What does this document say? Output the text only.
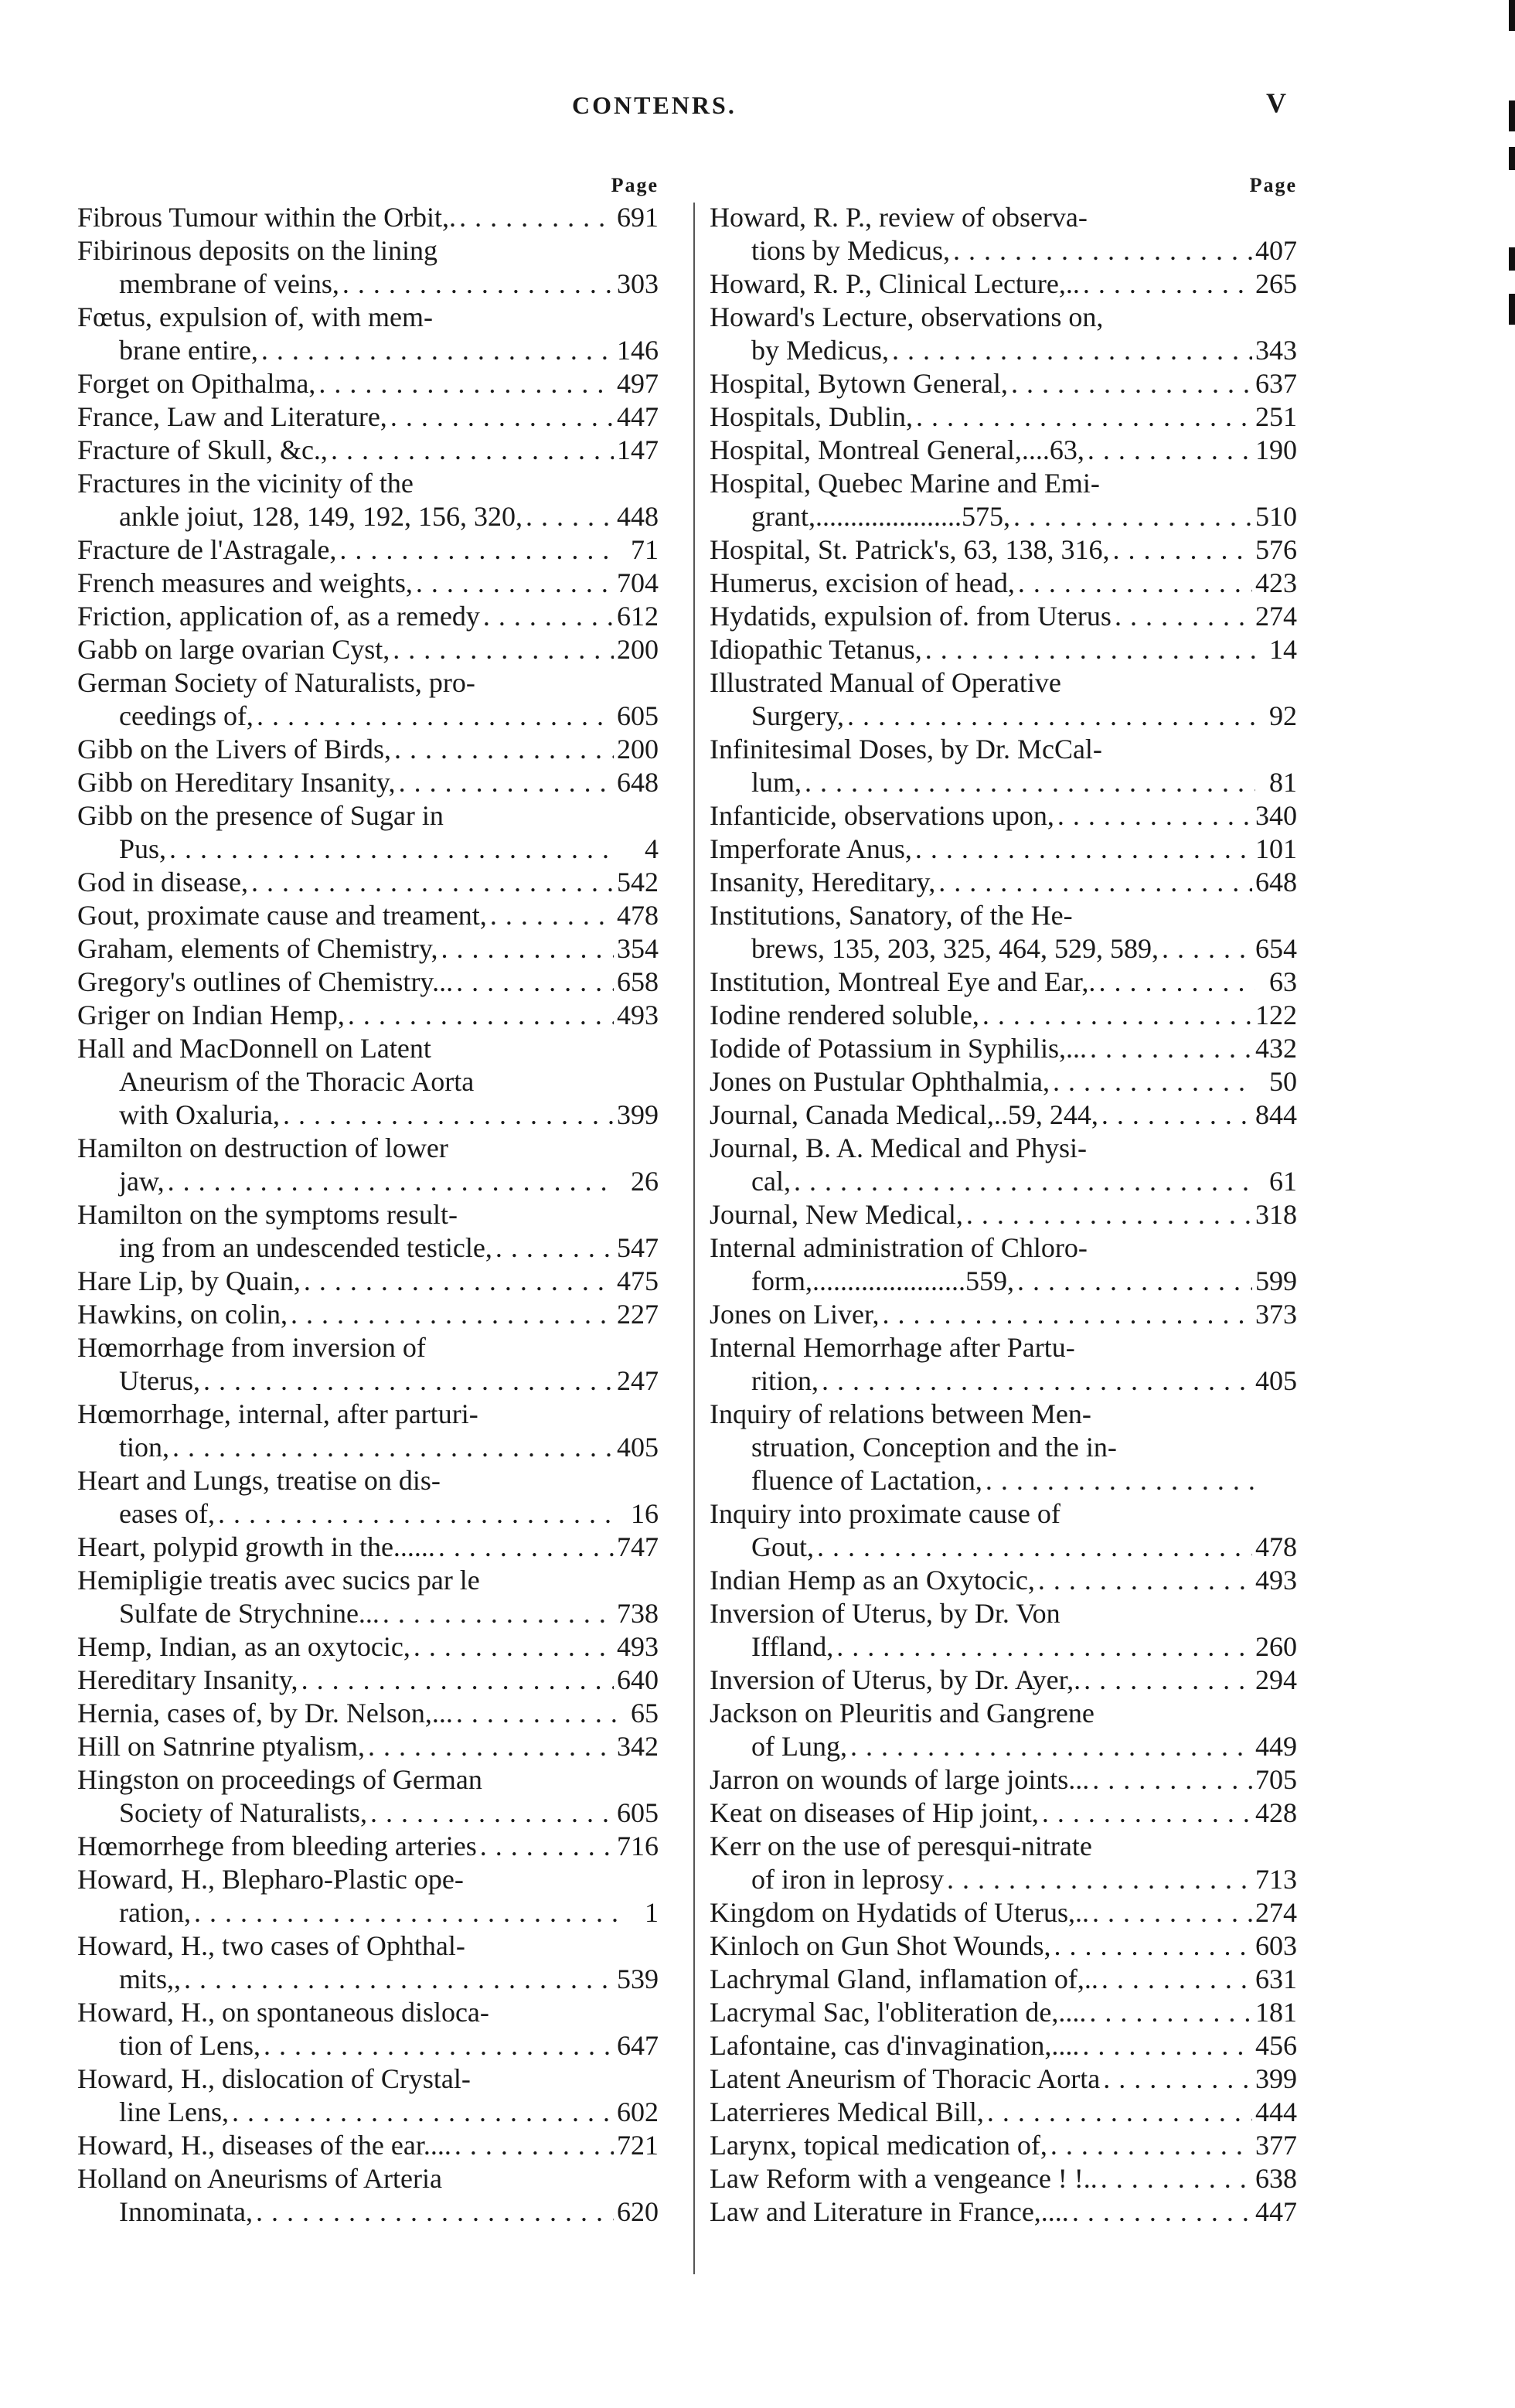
CONTENRS.	V
Page
Fibrous Tumour within the Orbit,. . . .	691
Fibirinous deposits on the lining
membrane of veins, . . .	303
Fœtus, expulsion of, with mem-
brane entire, . . .	146
Forget on Opithalma, . . .	497
France, Law and Literature, . . .	447
Fracture of Skull, &c., . . .	147
Fractures in the vicinity of the
ankle joiut, 128, 149, 192, 156, 320, . . .	448
Fracture de l'Astragale, . . .	71
French measures and weights, . . .	704
Friction, application of, as a remedy . . .	612
Gabb on large ovarian Cyst, . . .	200
German Society of Naturalists, pro-
ceedings of, . . .	605
Gibb on the Livers of Birds, . . .	200
Gibb on Hereditary Insanity, . . .	648
Gibb on the presence of Sugar in
Pus, . . .	4
God in disease, . . .	542
Gout, proximate cause and treament, . . .	478
Graham, elements of Chemistry, . . .	354
Gregory's outlines of Chemistry... . . .	658
Griger on Indian Hemp, . . .	493
Hall and MacDonnell on Latent
Aneurism of the Thoracic Aorta
with Oxaluria, . . .	399
Hamilton on destruction of lower
jaw, . . .	26
Hamilton on the symptoms result-
ing from an undescended testicle, . . .	547
Hare Lip, by Quain, . . .	475
Hawkins, on colin, . . .	227
Hœmorrhage from inversion of
Uterus, . . .	247
Hœmorrhage, internal, after parturi-
tion, . . .	405
Heart and Lungs, treatise on dis-
eases of, . . .	16
Heart, polypid growth in the...... . . .	747
Hemipligie treatis avec sucics par le
Sulfate de Strychnine... . . .	738
Hemp, Indian, as an oxytocic, . . .	493
Hereditary Insanity, . . .	640
Hernia, cases of, by Dr. Nelson,... . . .	65
Hill on Satnrine ptyalism, . . .	342
Hingston on proceedings of German
Society of Naturalists, . . .	605
Hœmorrhege from bleeding arteries . . .	716
Howard, H., Blepharo-Plastic ope-
ration, . . .	1
Howard, H., two cases of Ophthal-
mits,, . . .	539
Howard, H., on spontaneous disloca-
tion of Lens, . . .	647
Howard, H., dislocation of Crystal-
line Lens, . . .	602
Howard, H., diseases of the ear.... . . .	721
Holland on Aneurisms of Arteria
Innominata, . . .	620
Page
Howard, R. P., review of observa-
tions by Medicus, . . .	407
Howard, R. P., Clinical Lecture,.. . . .	265
Howard's Lecture, observations on,
by Medicus, . . .	343
Hospital, Bytown General, . . .	637
Hospitals, Dublin, . . .	251
Hospital, Montreal General,....63, . . .	190
Hospital, Quebec Marine and Emi-
grant,.....................575, . . .	510
Hospital, St. Patrick's, 63, 138, 316, . . .	576
Humerus, excision of head, . . .	423
Hydatids, expulsion of. from Uterus . . .	274
Idiopathic Tetanus, . . .	14
Illustrated Manual of Operative
Surgery, . . .	92
Infinitesimal Doses, by Dr. McCal-
lum, . . .	81
Infanticide, observations upon, . . .	340
Imperforate Anus, . . .	101
Insanity, Hereditary, . . .	648
Institutions, Sanatory, of the He-
brews, 135, 203, 325, 464, 529, 589, . . .	654
Institution, Montreal Eye and Ear,. . . .	63
Iodine rendered soluble, . . .	122
Iodide of Potassium in Syphilis,... . . .	432
Jones on Pustular Ophthalmia, . . .	50
Journal, Canada Medical,..59, 244, . . .	844
Journal, B. A. Medical and Physi-
cal, . . .	61
Journal, New Medical, . . .	318
Internal administration of Chloro-
form,......................559, . . .	599
Jones on Liver, . . .	373
Internal Hemorrhage after Partu-
rition, . . .	405
Inquiry of relations between Men-
struation, Conception and the in-
fluence of Lactation,
. . .
Inquiry into proximate cause of
Gout, . . .	478
Indian Hemp as an Oxytocic, . . .	493
Inversion of Uterus, by Dr. Von
Iffland, . . .	260
Inversion of Uterus, by Dr. Ayer,. . . .	294
Jackson on Pleuritis and Gangrene
of Lung, . . .	449
Jarron on wounds of large joints... . . .	705
Keat on diseases of Hip joint, . . .	428
Kerr on the use of peresqui-nitrate
of iron in leprosy . . .	713
Kingdom on Hydatids of Uterus,.. . . .	274
Kinloch on Gun Shot Wounds, . . .	603
Lachrymal Gland, inflamation of,.. . . .	631
Lacrymal Sac, l'obliteration de,.... . . .	181
Lafontaine, cas d'invagination,.... . . .	456
Latent Aneurism of Thoracic Aorta . . .	399
Laterrieres Medical Bill, . . .	444
Larynx, topical medication of, . . .	377
Law Reform with a vengeance ! !.. . . .	638
Law and Literature in France,.... . . .	447
